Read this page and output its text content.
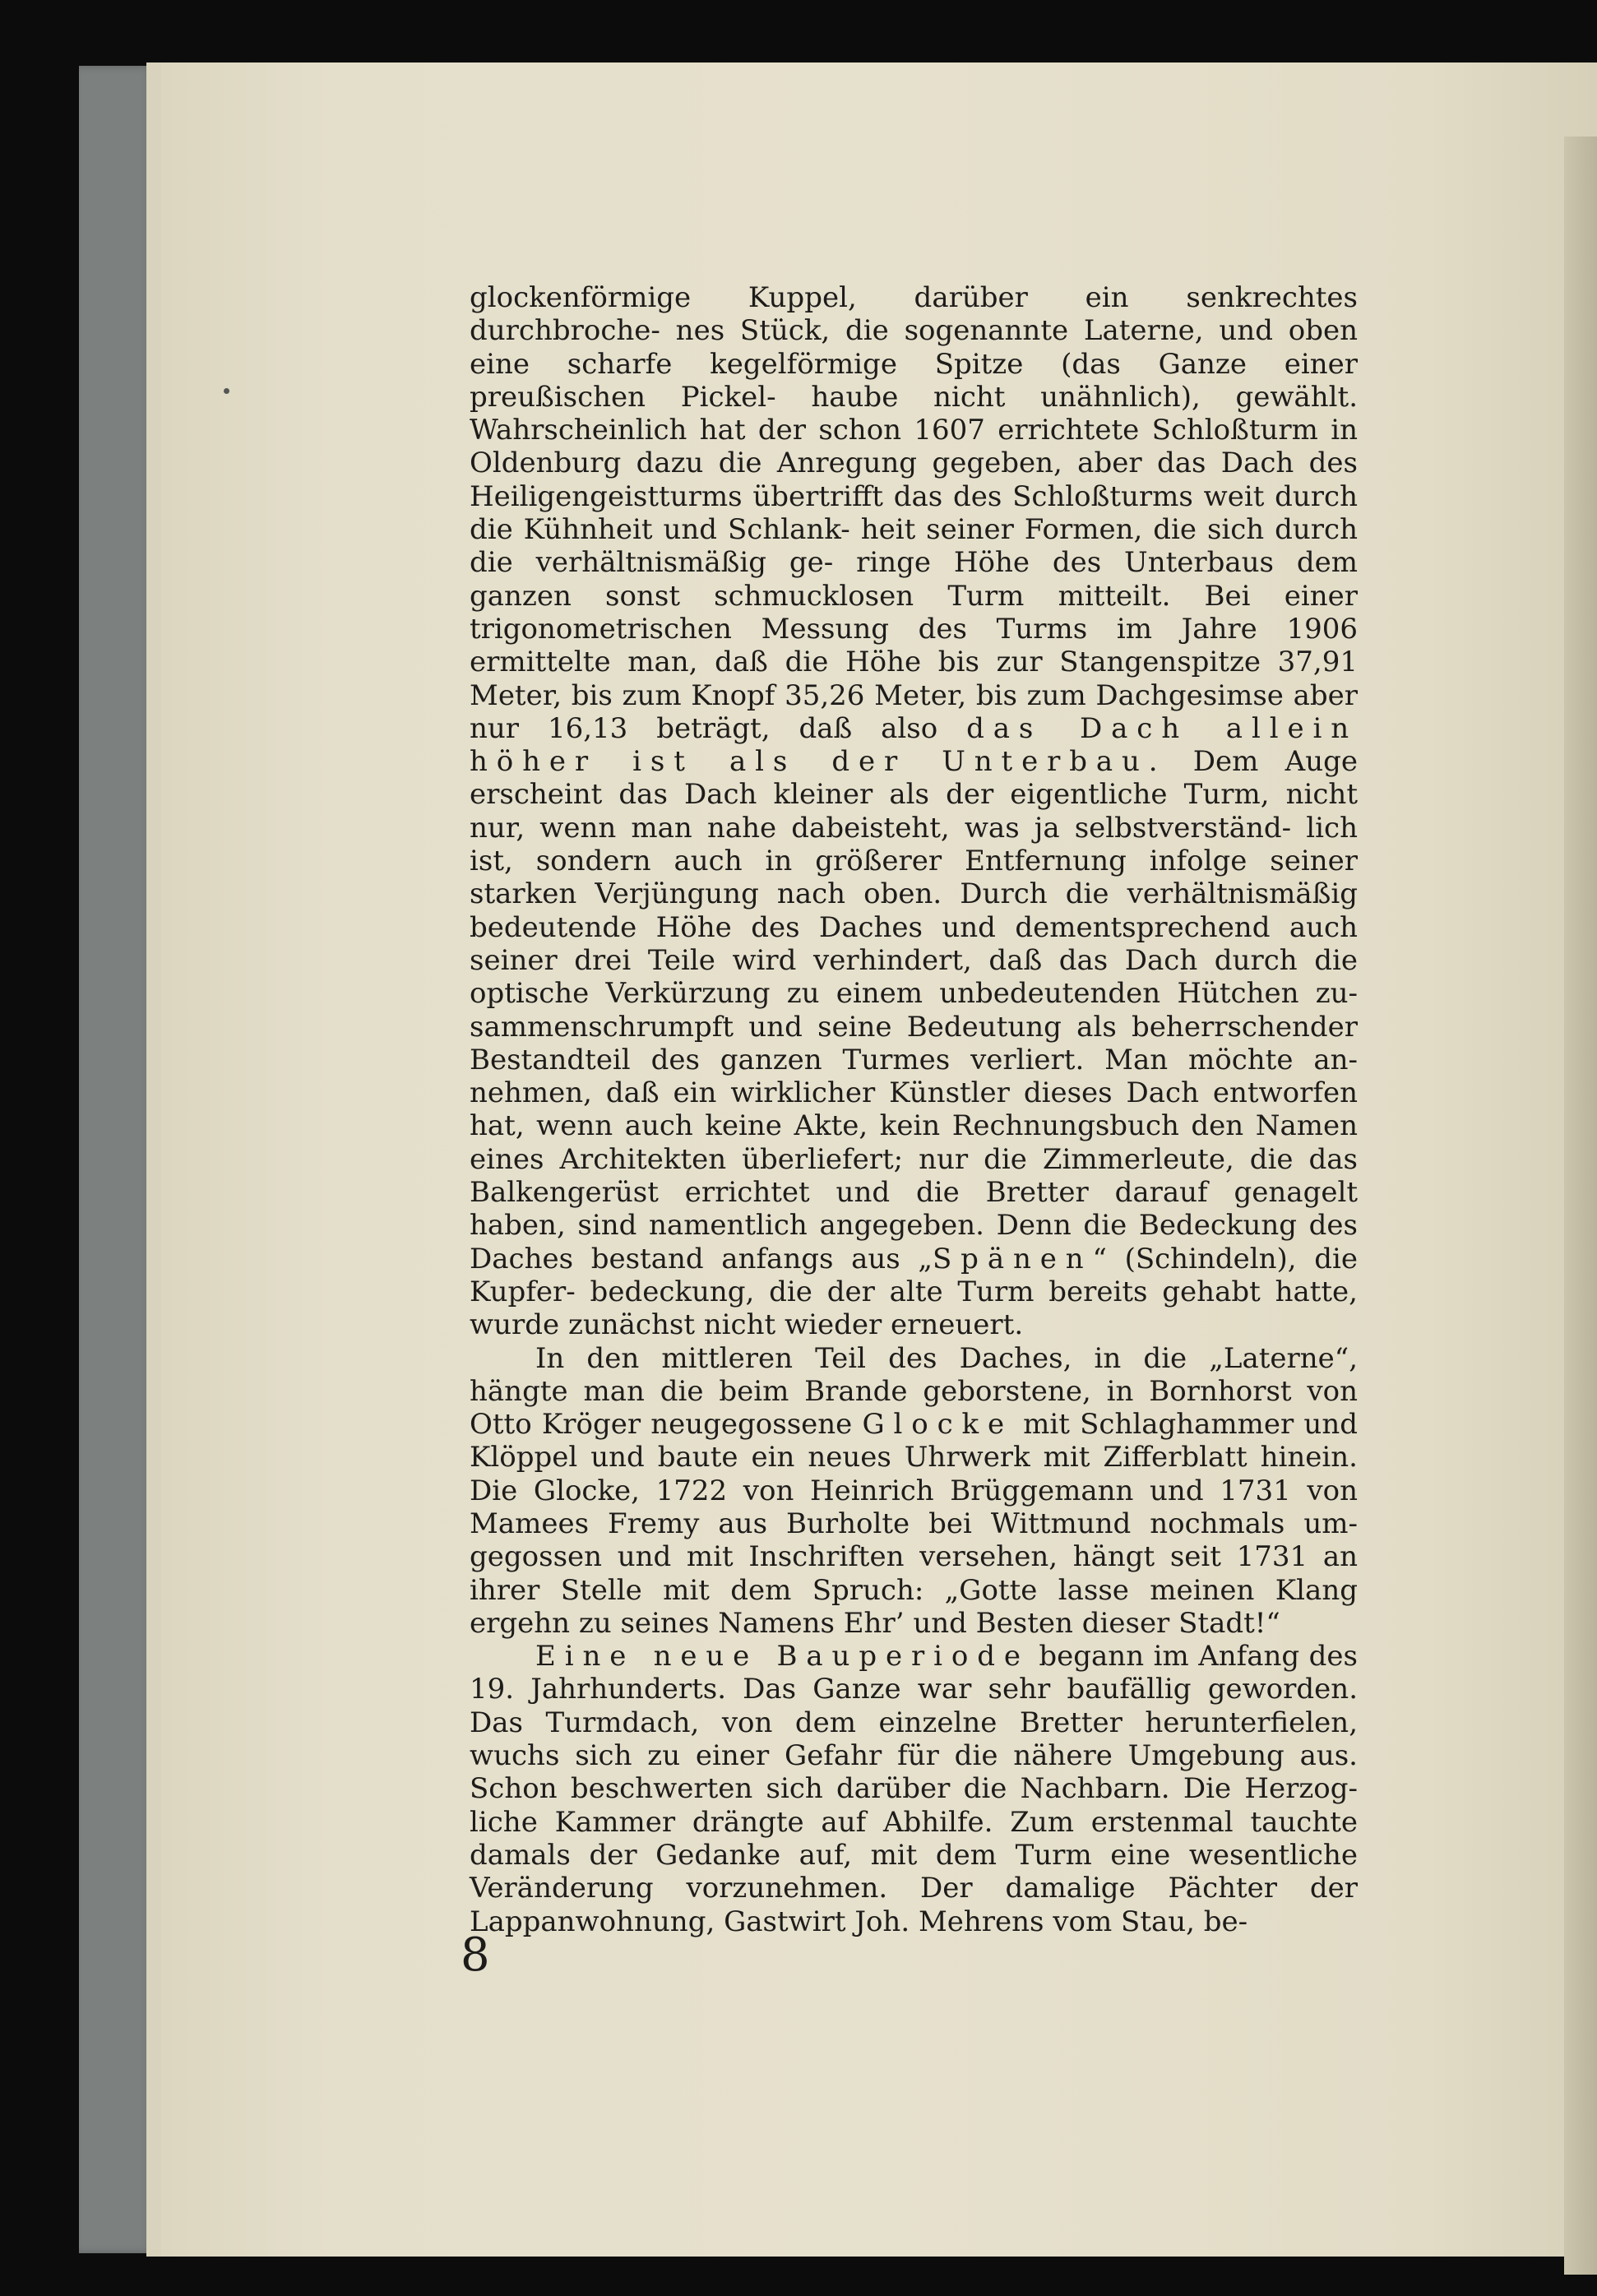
glockenförmige Kuppel, darüber ein senkrechtes durchbroche- nes Stück, die sogenannte Laterne, und oben eine scharfe kegelförmige Spitze (das Ganze einer preußischen Pickel- haube nicht unähnlich), gewählt. Wahrscheinlich hat der schon 1607 errichtete Schloßturm in Oldenburg dazu die Anregung gegeben, aber das Dach des Heiligengeistturms übertrifft das des Schloßturms weit durch die Kühnheit und Schlank- heit seiner Formen, die sich durch die verhältnismäßig ge- ringe Höhe des Unterbaus dem ganzen sonst schmucklosen Turm mitteilt. Bei einer trigonometrischen Messung des Turms im Jahre 1906 ermittelte man, daß die Höhe bis zur Stangenspitze 37,91 Meter, bis zum Knopf 35,26 Meter, bis zum Dachgesimse aber nur 16,13 beträgt, daß also das Dach allein höher ist als der Unterbau. Dem Auge erscheint das Dach kleiner als der eigentliche Turm, nicht nur, wenn man nahe dabeisteht, was ja selbstverständ- lich ist, sondern auch in größerer Entfernung infolge seiner starken Verjüngung nach oben. Durch die verhältnismäßig bedeutende Höhe des Daches und dementsprechend auch seiner drei Teile wird verhindert, daß das Dach durch die optische Verkürzung zu einem unbedeutenden Hütchen zu- sammenschrumpft und seine Bedeutung als beherrschender Bestandteil des ganzen Turmes verliert. Man möchte an- nehmen, daß ein wirklicher Künstler dieses Dach entworfen hat, wenn auch keine Akte, kein Rechnungsbuch den Namen eines Architekten überliefert; nur die Zimmerleute, die das Balkengerüst errichtet und die Bretter darauf genagelt haben, sind namentlich angegeben. Denn die Bedeckung des Daches bestand anfangs aus „Spänen“ (Schindeln), die Kupfer- bedeckung, die der alte Turm bereits gehabt hatte, wurde zunächst nicht wieder erneuert.

In den mittleren Teil des Daches, in die „Laterne“, hängte man die beim Brande geborstene, in Bornhorst von Otto Kröger neugegossene Glocke mit Schlaghammer und Klöppel und baute ein neues Uhrwerk mit Zifferblatt hinein. Die Glocke, 1722 von Heinrich Brüggemann und 1731 von Mamees Fremy aus Burholte bei Wittmund nochmals um- gegossen und mit Inschriften versehen, hängt seit 1731 an ihrer Stelle mit dem Spruch: „Gotte lasse meinen Klang ergehn zu seines Namens Ehr’ und Besten dieser Stadt!“

Eine neue Bauperiode begann im Anfang des 19. Jahrhunderts. Das Ganze war sehr baufällig geworden. Das Turmdach, von dem einzelne Bretter herunterfielen, wuchs sich zu einer Gefahr für die nähere Umgebung aus. Schon beschwerten sich darüber die Nachbarn. Die Herzog- liche Kammer drängte auf Abhilfe. Zum erstenmal tauchte damals der Gedanke auf, mit dem Turm eine wesentliche Veränderung vorzunehmen. Der damalige Pächter der Lappanwohnung, Gastwirt Joh. Mehrens vom Stau, be-

8
